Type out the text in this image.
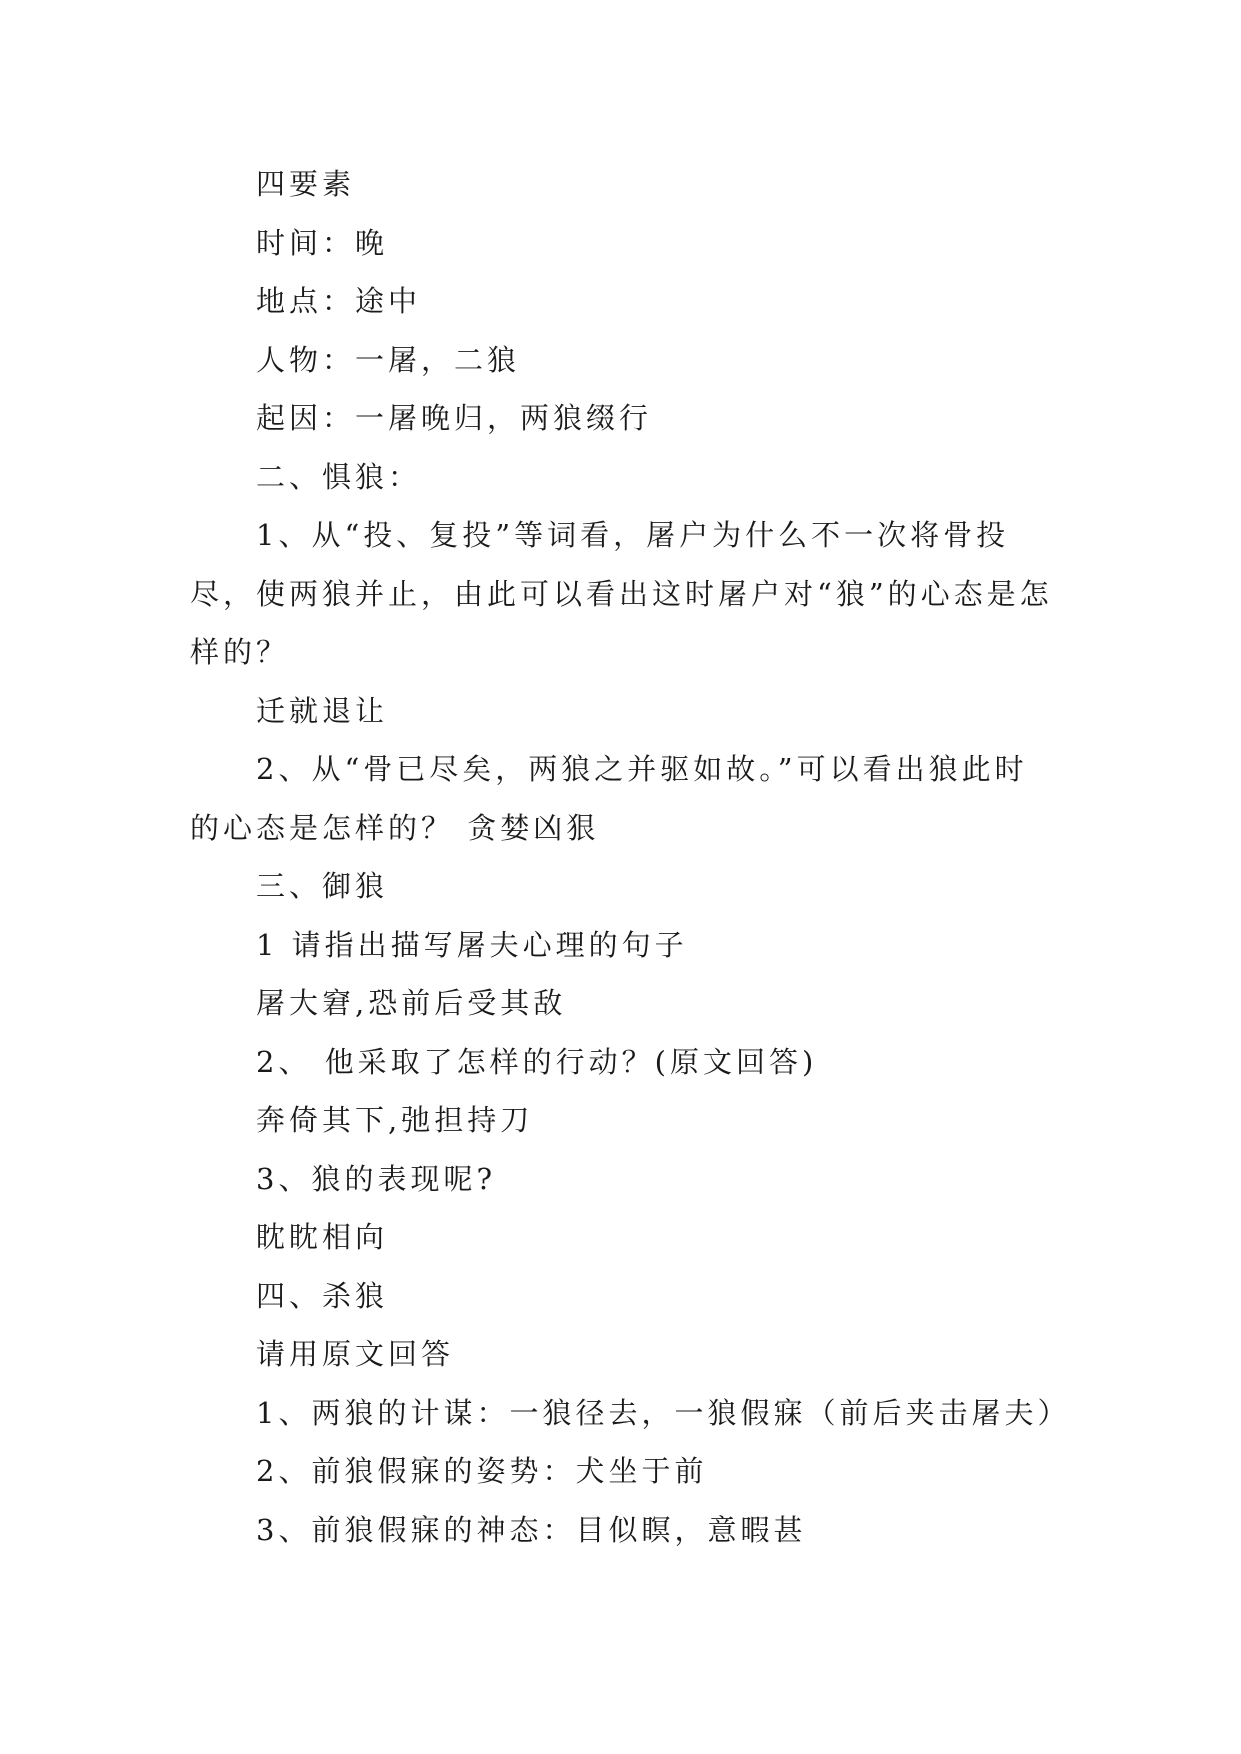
四要素

时间：晚

地点：途中

人物：一屠，二狼

起因：一屠晚归，两狼缀行

二、惧狼：

1、从“投、复投”等词看，屠户为什么不一次将骨投尽，使两狼并止，由此可以看出这时屠户对“狼”的心态是怎样的？

迁就退让

2、从“骨已尽矣，两狼之并驱如故。”可以看出狼此时的心态是怎样的？ 贪婪凶狠

三、御狼

1 请指出描写屠夫心理的句子

屠大窘,恐前后受其敌

2、 他采取了怎样的行动？(原文回答)

奔倚其下,弛担持刀

3、狼的表现呢?

眈眈相向

四、杀狼

请用原文回答

1、两狼的计谋：一狼径去，一狼假寐（前后夹击屠夫）

2、前狼假寐的姿势：犬坐于前

3、前狼假寐的神态：目似瞑，意暇甚
